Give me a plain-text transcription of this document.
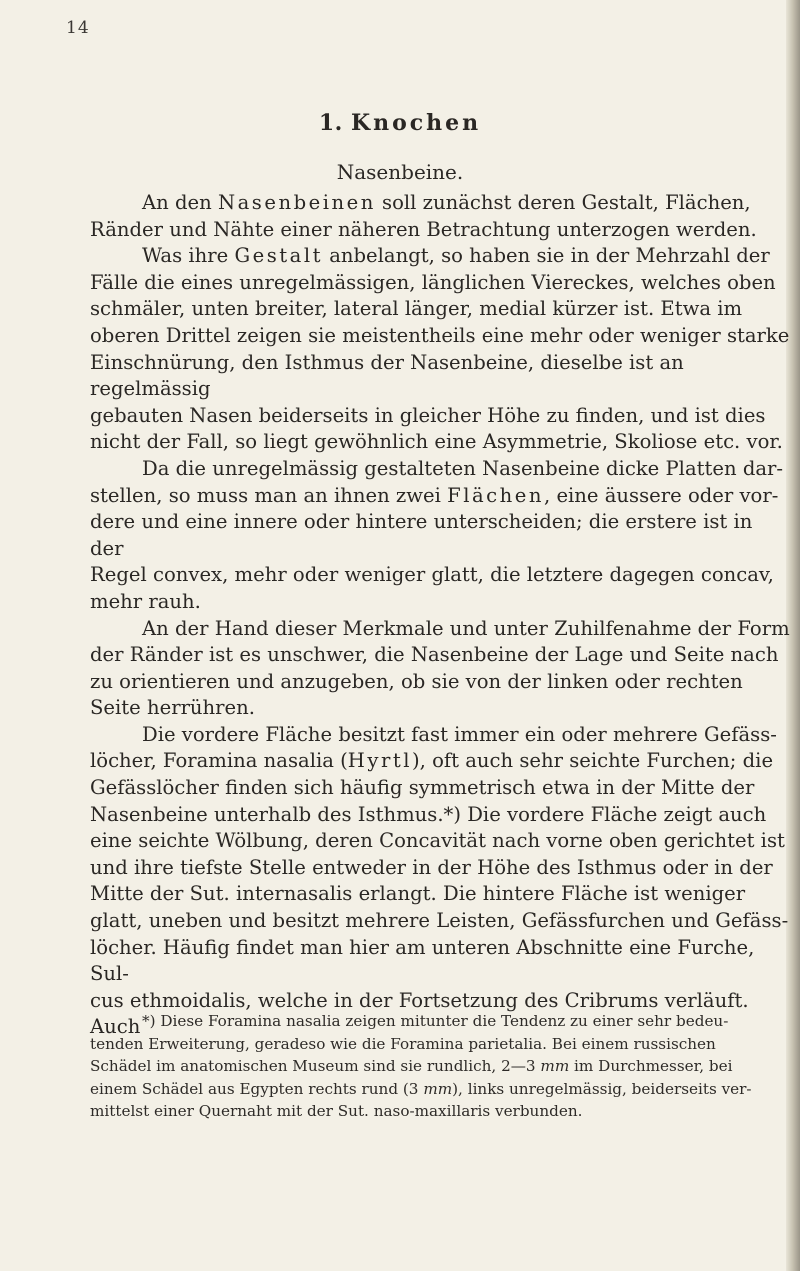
14
1. Knochen
Nasenbeine.

An den Nasenbeinen soll zunächst deren Gestalt, Flächen,
Ränder und Nähte einer näheren Betrachtung unterzogen werden.

Was ihre Gestalt anbelangt, so haben sie in der Mehrzahl der
Fälle die eines unregelmässigen, länglichen Viereckes, welches oben
schmäler, unten breiter, lateral länger, medial kürzer ist. Etwa im
oberen Drittel zeigen sie meistentheils eine mehr oder weniger starke
Einschnürung, den Isthmus der Nasenbeine, dieselbe ist an regelmässig
gebauten Nasen beiderseits in gleicher Höhe zu finden, und ist dies
nicht der Fall, so liegt gewöhnlich eine Asymmetrie, Skoliose etc. vor.

Da die unregelmässig gestalteten Nasenbeine dicke Platten dar-
stellen, so muss man an ihnen zwei Flächen, eine äussere oder vor-
dere und eine innere oder hintere unterscheiden; die erstere ist in der
Regel convex, mehr oder weniger glatt, die letztere dagegen concav,
mehr rauh.

An der Hand dieser Merkmale und unter Zuhilfenahme der Form
der Ränder ist es unschwer, die Nasenbeine der Lage und Seite nach
zu orientieren und anzugeben, ob sie von der linken oder rechten
Seite herrühren.

Die vordere Fläche besitzt fast immer ein oder mehrere Gefäss-
löcher, Foramina nasalia (Hyrtl), oft auch sehr seichte Furchen; die
Gefässlöcher finden sich häufig symmetrisch etwa in der Mitte der
Nasenbeine unterhalb des Isthmus.*) Die vordere Fläche zeigt auch
eine seichte Wölbung, deren Concavität nach vorne oben gerichtet ist
und ihre tiefste Stelle entweder in der Höhe des Isthmus oder in der
Mitte der Sut. internasalis erlangt. Die hintere Fläche ist weniger
glatt, uneben und besitzt mehrere Leisten, Gefässfurchen und Gefäss-
löcher. Häufig findet man hier am unteren Abschnitte eine Furche, Sul-
cus ethmoidalis, welche in der Fortsetzung des Cribrums verläuft. Auch *) Diese Foramina nasalia zeigen mitunter die Tendenz zu einer sehr bedeu-
tenden Erweiterung, geradeso wie die Foramina parietalia. Bei einem russischen
Schädel im anatomischen Museum sind sie rundlich, 2—3 mm im Durchmesser, bei
einem Schädel aus Egypten rechts rund (3 mm), links unregelmässig, beiderseits ver-
mittelst einer Quernaht mit der Sut. naso-maxillaris verbunden.
